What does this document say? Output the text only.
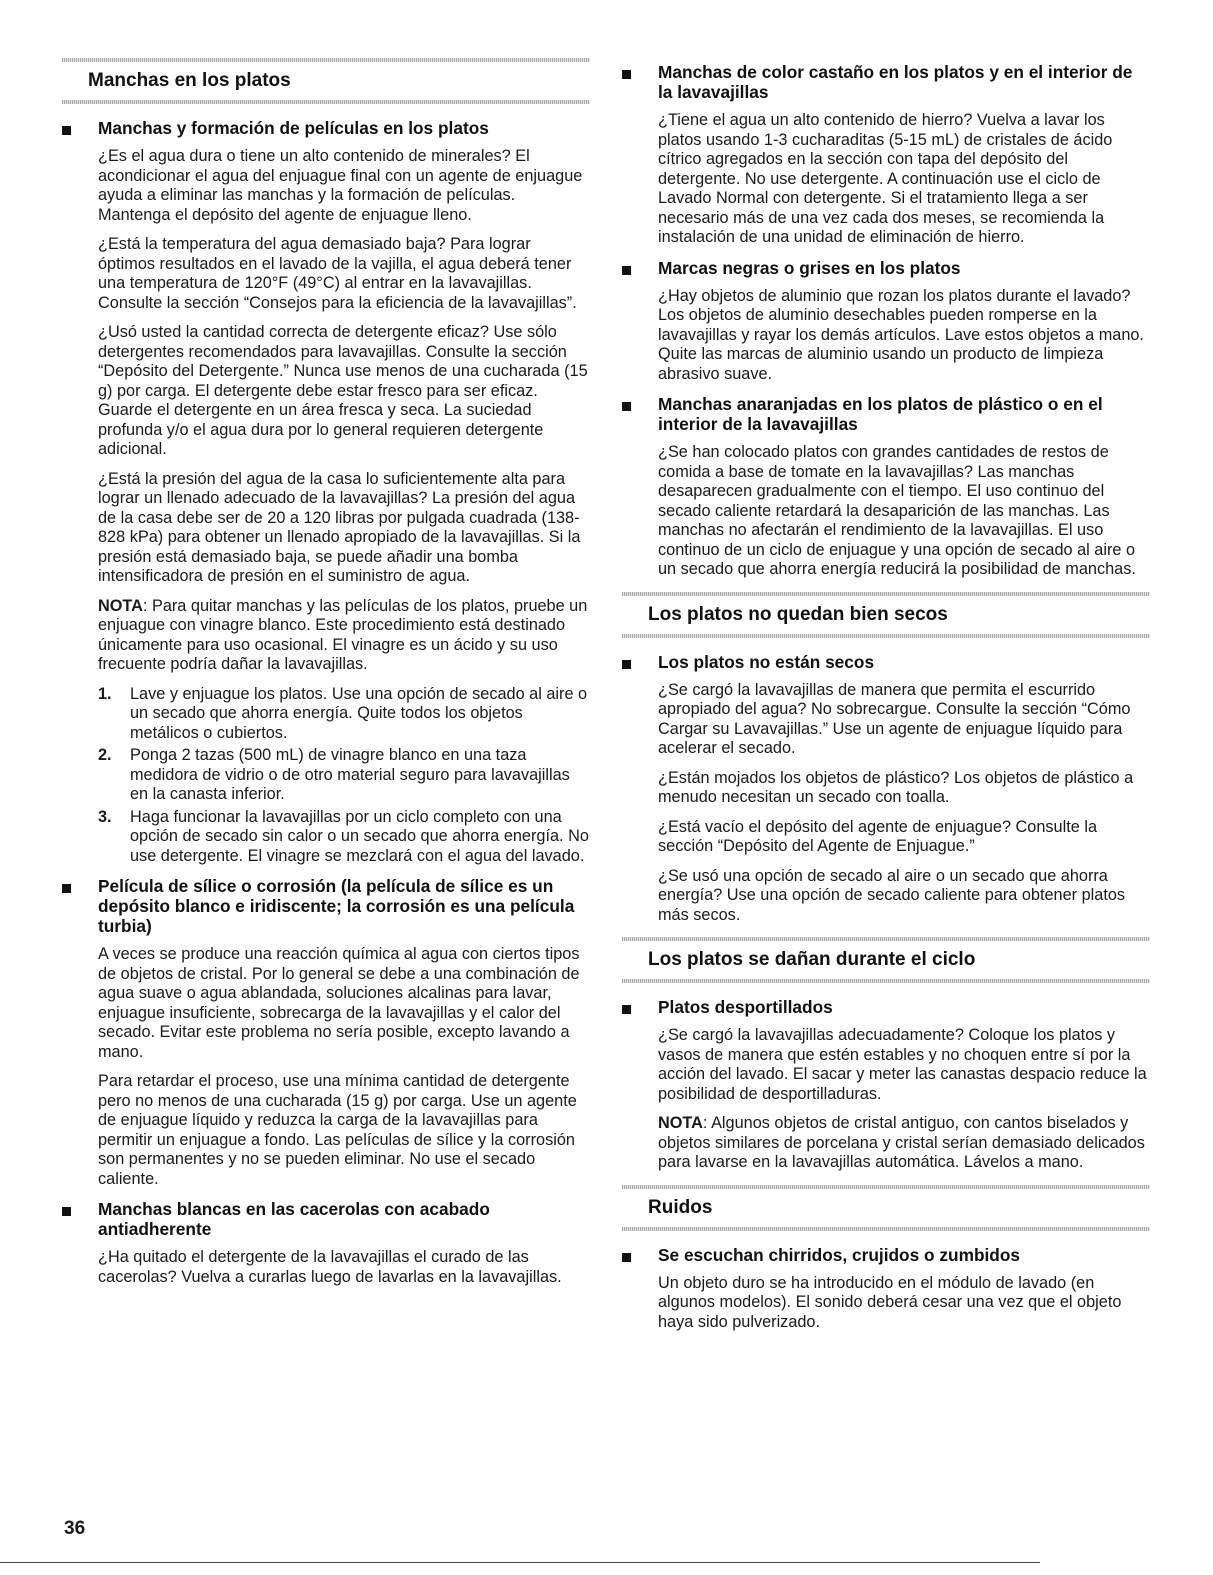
Manchas en los platos
Manchas y formación de películas en los platos

¿Es el agua dura o tiene un alto contenido de minerales? El acondicionar el agua del enjuague final con un agente de enjuague ayuda a eliminar las manchas y la formación de películas. Mantenga el depósito del agente de enjuague lleno.

¿Está la temperatura del agua demasiado baja? Para lograr óptimos resultados en el lavado de la vajilla, el agua deberá tener una temperatura de 120°F (49°C) al entrar en la lavavajillas. Consulte la sección “Consejos para la eficiencia de la lavavajillas”.

¿Usó usted la cantidad correcta de detergente eficaz? Use sólo detergentes recomendados para lavavajillas. Consulte la sección “Depósito del Detergente.” Nunca use menos de una cucharada (15 g) por carga. El detergente debe estar fresco para ser eficaz. Guarde el detergente en un área fresca y seca. La suciedad profunda y/o el agua dura por lo general requieren detergente adicional.

¿Está la presión del agua de la casa lo suficientemente alta para lograr un llenado adecuado de la lavavajillas? La presión del agua de la casa debe ser de 20 a 120 libras por pulgada cuadrada (138-828 kPa) para obtener un llenado apropiado de la lavavajillas. Si la presión está demasiado baja, se puede añadir una bomba intensificadora de presión en el suministro de agua.

NOTA: Para quitar manchas y las películas de los platos, pruebe un enjuague con vinagre blanco. Este procedimiento está destinado únicamente para uso ocasional. El vinagre es un ácido y su uso frecuente podría dañar la lavavajillas.

1. Lave y enjuague los platos. Use una opción de secado al aire o un secado que ahorra energía. Quite todos los objetos metálicos o cubiertos.
2. Ponga 2 tazas (500 mL) de vinagre blanco en una taza medidora de vidrio o de otro material seguro para lavavajillas en la canasta inferior.
3. Haga funcionar la lavavajillas por un ciclo completo con una opción de secado sin calor o un secado que ahorra energía. No use detergente. El vinagre se mezclará con el agua del lavado.
Película de sílice o corrosión (la película de sílice es un depósito blanco e iridiscente; la corrosión es una película turbia)

A veces se produce una reacción química al agua con ciertos tipos de objetos de cristal. Por lo general se debe a una combinación de agua suave o agua ablandada, soluciones alcalinas para lavar, enjuague insuficiente, sobrecarga de la lavavajillas y el calor del secado. Evitar este problema no sería posible, excepto lavando a mano.

Para retardar el proceso, use una mínima cantidad de detergente pero no menos de una cucharada (15 g) por carga. Use un agente de enjuague líquido y reduzca la carga de la lavavajillas para permitir un enjuague a fondo. Las películas de sílice y la corrosión son permanentes y no se pueden eliminar. No use el secado caliente.

Manchas blancas en las cacerolas con acabado antiadherente

¿Ha quitado el detergente de la lavavajillas el curado de las cacerolas? Vuelva a curarlas luego de lavarlas en la lavavajillas.

Manchas de color castaño en los platos y en el interior de la lavavajillas

¿Tiene el agua un alto contenido de hierro? Vuelva a lavar los platos usando 1-3 cucharaditas (5-15 mL) de cristales de ácido cítrico agregados en la sección con tapa del depósito del detergente. No use detergente. A continuación use el ciclo de Lavado Normal con detergente. Si el tratamiento llega a ser necesario más de una vez cada dos meses, se recomienda la instalación de una unidad de eliminación de hierro.

Marcas negras o grises en los platos

¿Hay objetos de aluminio que rozan los platos durante el lavado? Los objetos de aluminio desechables pueden romperse en la lavavajillas y rayar los demás artículos. Lave estos objetos a mano. Quite las marcas de aluminio usando un producto de limpieza abrasivo suave.

Manchas anaranjadas en los platos de plástico o en el interior de la lavavajillas

¿Se han colocado platos con grandes cantidades de restos de comida a base de tomate en la lavavajillas? Las manchas desaparecen gradualmente con el tiempo. El uso continuo del secado caliente retardará la desaparición de las manchas. Las manchas no afectarán el rendimiento de la lavavajillas. El uso continuo de un ciclo de enjuague y una opción de secado al aire o un secado que ahorra energía reducirá la posibilidad de manchas.

Los platos no quedan bien secos
Los platos no están secos

¿Se cargó la lavavajillas de manera que permita el escurrido apropiado del agua? No sobrecargue. Consulte la sección “Cómo Cargar su Lavavajillas.” Use un agente de enjuague líquido para acelerar el secado.

¿Están mojados los objetos de plástico? Los objetos de plástico a menudo necesitan un secado con toalla.

¿Está vacío el depósito del agente de enjuague? Consulte la sección “Depósito del Agente de Enjuague.”

¿Se usó una opción de secado al aire o un secado que ahorra energía? Use una opción de secado caliente para obtener platos más secos.

Los platos se dañan durante el ciclo
Platos desportillados

¿Se cargó la lavavajillas adecuadamente? Coloque los platos y vasos de manera que estén estables y no choquen entre sí por la acción del lavado. El sacar y meter las canastas despacio reduce la posibilidad de desportilladuras.

NOTA: Algunos objetos de cristal antiguo, con cantos biselados y objetos similares de porcelana y cristal serían demasiado delicados para lavarse en la lavavajillas automática. Lávelos a mano.

Ruidos
Se escuchan chirridos, crujidos o zumbidos

Un objeto duro se ha introducido en el módulo de lavado (en algunos modelos). El sonido deberá cesar una vez que el objeto haya sido pulverizado.

36
